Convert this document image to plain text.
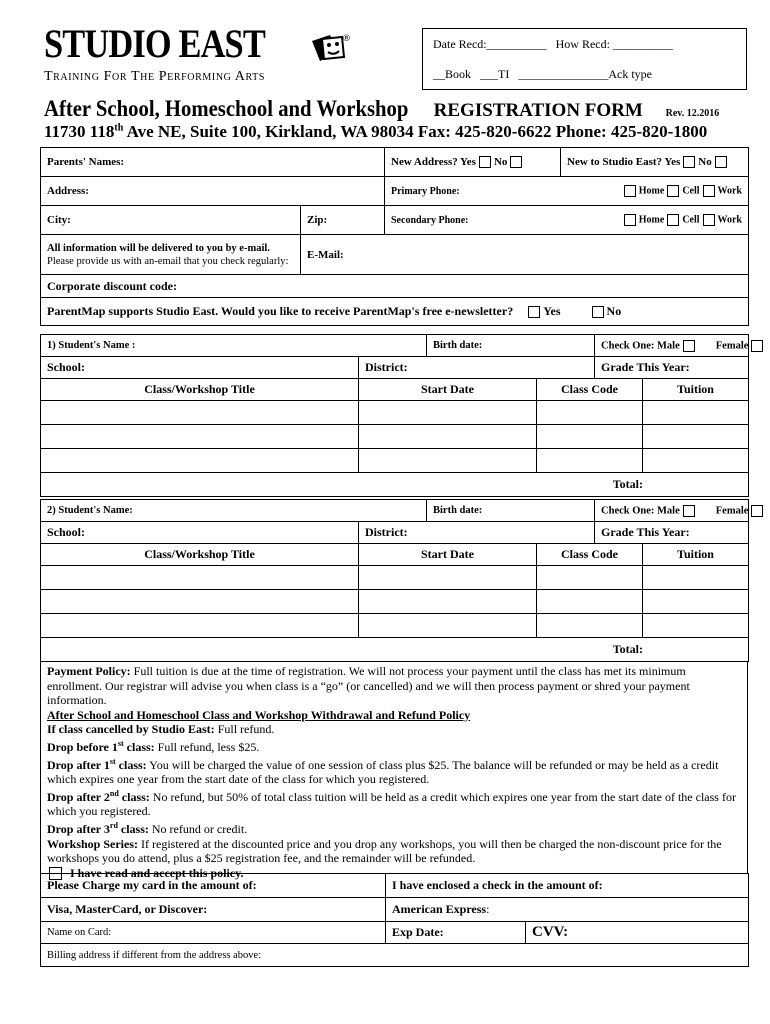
STUDIO EAST	®
Training For The Performing Arts
Date Recd:__________   How Recd: __________
__Book   ___TI   _______________Ack type
After School, Homeschool and Workshop REGISTRATION FORM Rev. 12.2016
11730 118th Ave NE, Suite 100, Kirkland, WA 98034 Fax: 425-820-6622 Phone: 425-820-1800
Parents' Names:		New Address? Yes No	New to Studio East? Yes No
Address:		Primary Phone:	Home Cell Work
City:	Zip:	Secondary Phone:	Home Cell Work
All information will be delivered to you by e-mail.
Please provide us with an-email that you check regularly:	E-Mail:		
Corporate discount code:			
ParentMap supports Studio East. Would you like to receive ParentMap's free e-newsletter? Yes No			
1) Student's Name :		Birth date:		Check One: Male Female	
School:	District:			Grade This Year:	
Class/Workshop Title	Start Date		Class Code		Tuition

Total:					
2) Student's Name:		Birth date:		Check One: Male Female	
School:	District:			Grade This Year:	
Class/Workshop Title	Start Date		Class Code		Tuition

Total:					

Payment Policy: Full tuition is due at the time of registration. We will not process your payment until the class has met its minimum enrollment. Our registrar will advise you when class is a “go” (or cancelled) and we will then process payment or shred your payment information.

After School and Homeschool Class and Workshop Withdrawal and Refund Policy

If class cancelled by Studio East: Full refund.

Drop before 1st class: Full refund, less $25.

Drop after 1st class: You will be charged the value of one session of class plus $25. The balance will be refunded or may be held as a credit which expires one year from the start date of the class for which you registered.

Drop after 2nd class: No refund, but 50% of total class tuition will be held as a credit which expires one year from the start date of the class for which you registered.

Drop after 3rd class: No refund or credit.

Workshop Series: If registered at the discounted price and you drop any workshops, you will then be charged the non-discount price for the workshops you do attend, plus a $25 registration fee, and the remainder will be refunded.

I have read and accept this policy.

Please Charge my card in the amount of:	I have enclosed a check in the amount of:	
Visa, MasterCard, or Discover:	American Express:	
Name on Card:	Exp Date:	CVV:
Billing address if different from the address above:		
